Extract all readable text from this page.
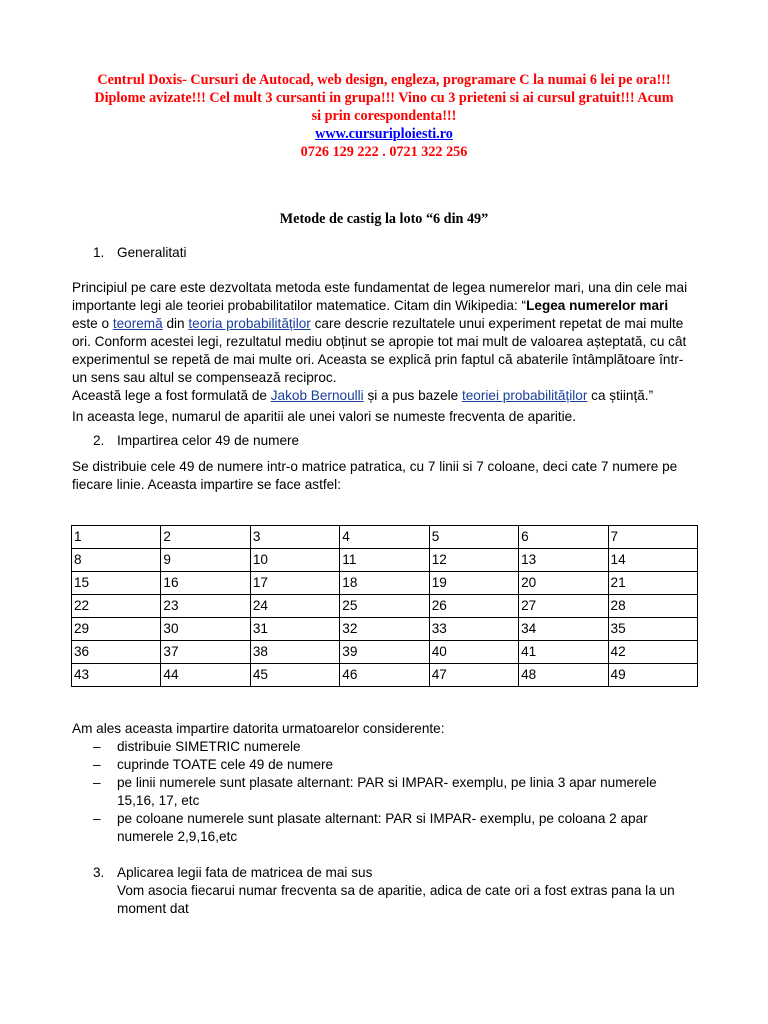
Centrul Doxis- Cursuri de Autocad, web design, engleza, programare C la numai 6 lei pe ora!!!
Diplome avizate!!! Cel mult 3 cursanti in grupa!!! Vino cu 3 prieteni si ai cursul gratuit!!! Acum
si prin corespondenta!!!
www.cursuriploiesti.ro
0726 129 222 . 0721 322 256
Metode de castig la loto “6 din 49”
1. Generalitati
Principiul pe care este dezvoltata metoda este fundamentat de legea numerelor mari, una din cele mai
importante legi ale teoriei probabilitatilor matematice. Citam din Wikipedia: “Legea numerelor mari
este o teoremă din teoria probabilităților care descrie rezultatele unui experiment repetat de mai multe
ori. Conform acestei legi, rezultatul mediu obținut se apropie tot mai mult de valoarea așteptată, cu cât
experimentul se repetă de mai multe ori. Aceasta se explică prin faptul că abaterile întâmplătoare într-
un sens sau altul se compensează reciproc.
Această lege a fost formulată de Jakob Bernoulli și a pus bazele teoriei probabilităților ca știință.”
In aceasta lege, numarul de aparitii ale unei valori se numeste frecventa de aparitie.
2. Impartirea celor 49 de numere
Se distribuie cele 49 de numere intr-o matrice patratica, cu 7 linii si 7 coloane, deci cate 7 numere pe
fiecare linie. Aceasta impartire se face astfel:
1	2	3	4	5	6	7
8	9	10	11	12	13	14
15	16	17	18	19	20	21
22	23	24	25	26	27	28
29	30	31	32	33	34	35
36	37	38	39	40	41	42
43	44	45	46	47	48	49
Am ales aceasta impartire datorita urmatoarelor considerente:
– distribuie SIMETRIC numerele
– cuprinde TOATE cele 49 de numere
– pe linii numerele sunt plasate alternant: PAR si IMPAR- exemplu, pe linia 3 apar numerele
15,16, 17, etc
– pe coloane numerele sunt plasate alternant: PAR si IMPAR- exemplu, pe coloana 2 apar
numerele 2,9,16,etc
3. Aplicarea legii fata de matricea de mai sus
Vom asocia fiecarui numar frecventa sa de aparitie, adica de cate ori a fost extras pana la un
moment dat
